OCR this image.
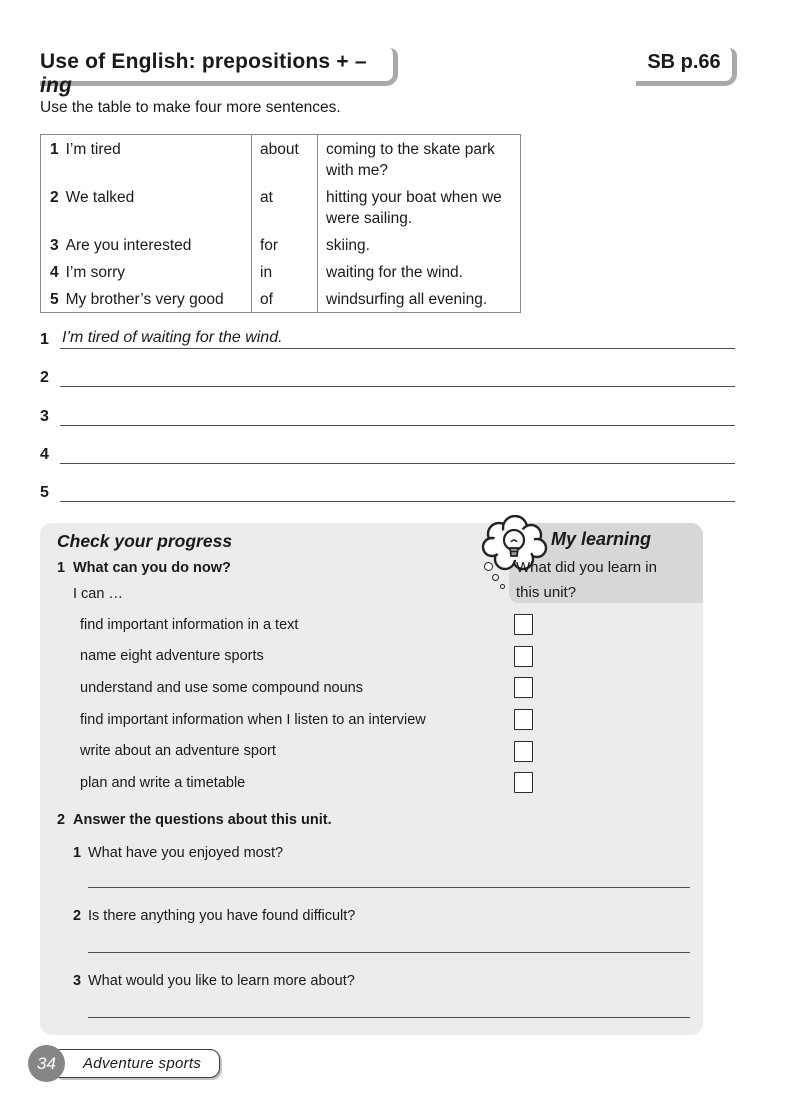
Use of English: prepositions + –ing
SB p.66

Use the table to make four more sentences.

1 I’m tired	about	coming to the skate park with me?
2 We talked	at	hitting your boat when we were sailing.
3 Are you interested	for	skiing.
4 I’m sorry	in	waiting for the wind.
5 My brother’s very good	of	windsurfing all evening.
1 I’m tired of waiting for the wind.
2
3
4
5
My learning
What did you learn in this unit?
Check your progress
1 What can you do now?
I can …
find important information in a text
name eight adventure sports
understand and use some compound nouns
find important information when I listen to an interview
write about an adventure sport
plan and write a timetable
2 Answer the questions about this unit.
1 What have you enjoyed most?
2 Is there anything you have found difficult?
3 What would you like to learn more about?
34	Adventure sports
